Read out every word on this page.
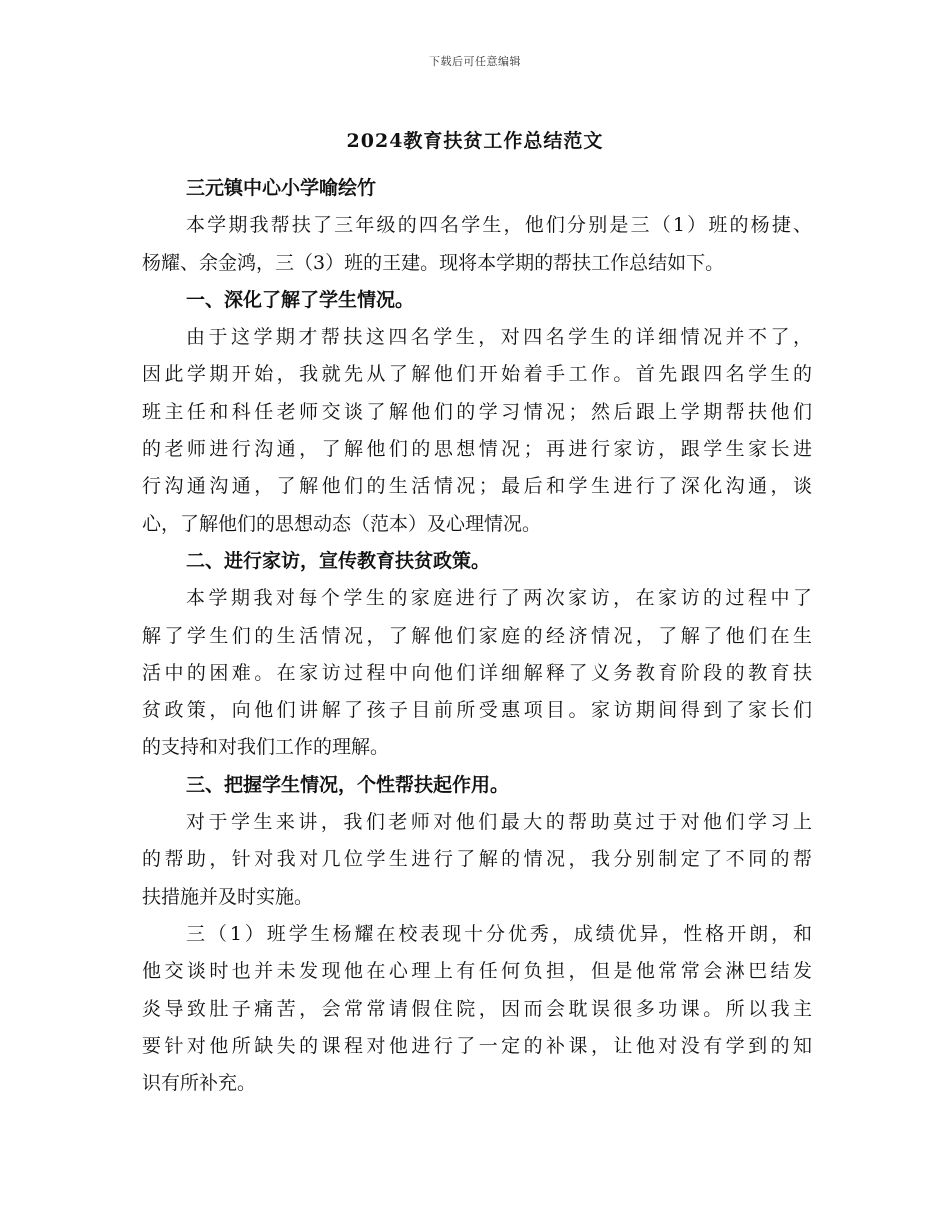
下载后可任意编辑
2024教育扶贫工作总结范文
三元镇中心小学喻绘竹
本学期我帮扶了三年级的四名学生，他们分别是三（1）班的杨捷、
杨耀、余金鸿，三（3）班的王建。现将本学期的帮扶工作总结如下。
一、深化了解了学生情况。
由于这学期才帮扶这四名学生，对四名学生的详细情况并不了，
因此学期开始，我就先从了解他们开始着手工作。首先跟四名学生的
班主任和科任老师交谈了解他们的学习情况；然后跟上学期帮扶他们
的老师进行沟通，了解他们的思想情况；再进行家访，跟学生家长进
行沟通沟通，了解他们的生活情况；最后和学生进行了深化沟通，谈
心，了解他们的思想动态（范本）及心理情况。
二、进行家访，宣传教育扶贫政策。
本学期我对每个学生的家庭进行了两次家访，在家访的过程中了
解了学生们的生活情况，了解他们家庭的经济情况，了解了他们在生
活中的困难。在家访过程中向他们详细解释了义务教育阶段的教育扶
贫政策，向他们讲解了孩子目前所受惠项目。家访期间得到了家长们
的支持和对我们工作的理解。
三、把握学生情况，个性帮扶起作用。
对于学生来讲，我们老师对他们最大的帮助莫过于对他们学习上
的帮助，针对我对几位学生进行了解的情况，我分别制定了不同的帮
扶措施并及时实施。
三（1）班学生杨耀在校表现十分优秀，成绩优异，性格开朗，和
他交谈时也并未发现他在心理上有任何负担，但是他常常会淋巴结发
炎导致肚子痛苦，会常常请假住院，因而会耽误很多功课。所以我主
要针对他所缺失的课程对他进行了一定的补课，让他对没有学到的知
识有所补充。
